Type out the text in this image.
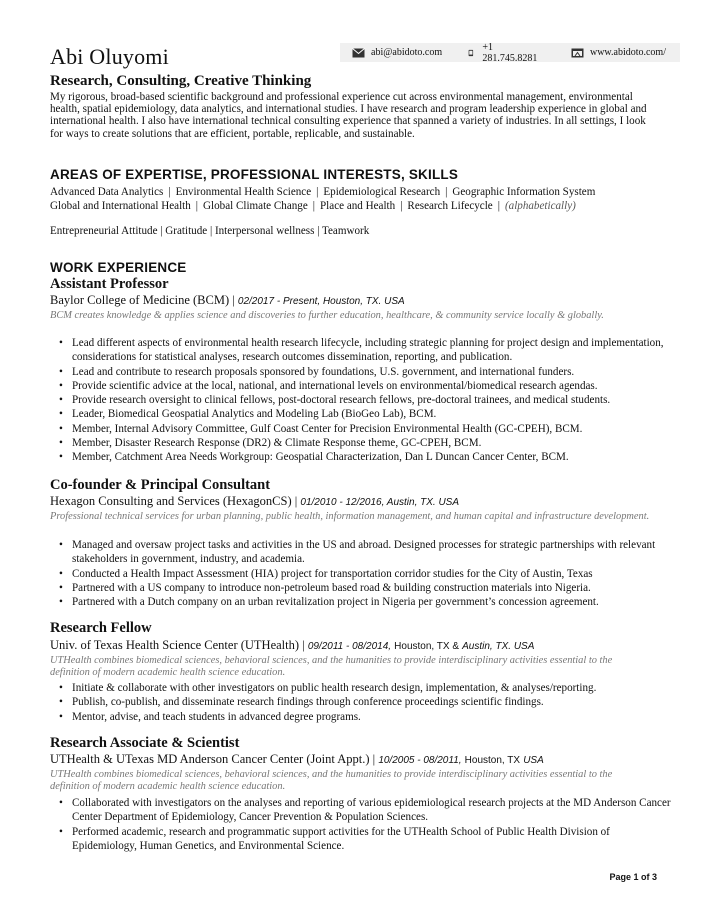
Abi Oluyomi	abi@abidoto.com	+1 281.745.8281	www.abidoto.com/
Research, Consulting, Creative Thinking
My rigorous, broad-based scientific background and professional experience cut across environmental management, environmental health, spatial epidemiology, data analytics, and international studies. I have research and program leadership experience in global and international health. I also have international technical consulting experience that spanned a variety of industries. In all settings, I look for ways to create solutions that are efficient, portable, replicable, and sustainable.
AREAS OF EXPERTISE, PROFESSIONAL INTERESTS, SKILLS
Advanced Data Analytics | Environmental Health Science | Epidemiological Research | Geographic Information System
Global and International Health | Global Climate Change | Place and Health | Research Lifecycle | (alphabetically)
Entrepreneurial Attitude | Gratitude | Interpersonal wellness | Teamwork
WORK EXPERIENCE
Assistant Professor
Baylor College of Medicine (BCM) | 02/2017 - Present, Houston, TX. USA
BCM creates knowledge & applies science and discoveries to further education, healthcare, & community service locally & globally.
• Lead different aspects of environmental health research lifecycle, including strategic planning for project design and implementation, considerations for statistical analyses, research outcomes dissemination, reporting, and publication.
• Lead and contribute to research proposals sponsored by foundations, U.S. government, and international funders.
• Provide scientific advice at the local, national, and international levels on environmental/biomedical research agendas.
• Provide research oversight to clinical fellows, post-doctoral research fellows, pre-doctoral trainees, and medical students.
• Leader, Biomedical Geospatial Analytics and Modeling Lab (BioGeo Lab), BCM.
• Member, Internal Advisory Committee, Gulf Coast Center for Precision Environmental Health (GC-CPEH), BCM.
• Member, Disaster Research Response (DR2) & Climate Response theme, GC-CPEH, BCM.
• Member, Catchment Area Needs Workgroup: Geospatial Characterization, Dan L Duncan Cancer Center, BCM.
Co-founder & Principal Consultant
Hexagon Consulting and Services (HexagonCS) | 01/2010 - 12/2016, Austin, TX. USA
Professional technical services for urban planning, public health, information management, and human capital and infrastructure development.
• Managed and oversaw project tasks and activities in the US and abroad. Designed processes for strategic partnerships with relevant stakeholders in government, industry, and academia.
• Conducted a Health Impact Assessment (HIA) project for transportation corridor studies for the City of Austin, Texas
• Partnered with a US company to introduce non-petroleum based road & building construction materials into Nigeria.
• Partnered with a Dutch company on an urban revitalization project in Nigeria per government’s concession agreement.
Research Fellow
Univ. of Texas Health Science Center (UTHealth) | 09/2011 - 08/2014, Houston, TX & Austin, TX. USA
UTHealth combines biomedical sciences, behavioral sciences, and the humanities to provide interdisciplinary activities essential to the definition of modern academic health science education.
• Initiate & collaborate with other investigators on public health research design, implementation, & analyses/reporting.
• Publish, co-publish, and disseminate research findings through conference proceedings scientific findings.
• Mentor, advise, and teach students in advanced degree programs.
Research Associate & Scientist
UTHealth & UTexas MD Anderson Cancer Center (Joint Appt.) | 10/2005 - 08/2011, Houston, TX USA
UTHealth combines biomedical sciences, behavioral sciences, and the humanities to provide interdisciplinary activities essential to the definition of modern academic health science education.
• Collaborated with investigators on the analyses and reporting of various epidemiological research projects at the MD Anderson Cancer Center Department of Epidemiology, Cancer Prevention & Population Sciences.
• Performed academic, research and programmatic support activities for the UTHealth School of Public Health Division of Epidemiology, Human Genetics, and Environmental Science.
Page 1 of 3
